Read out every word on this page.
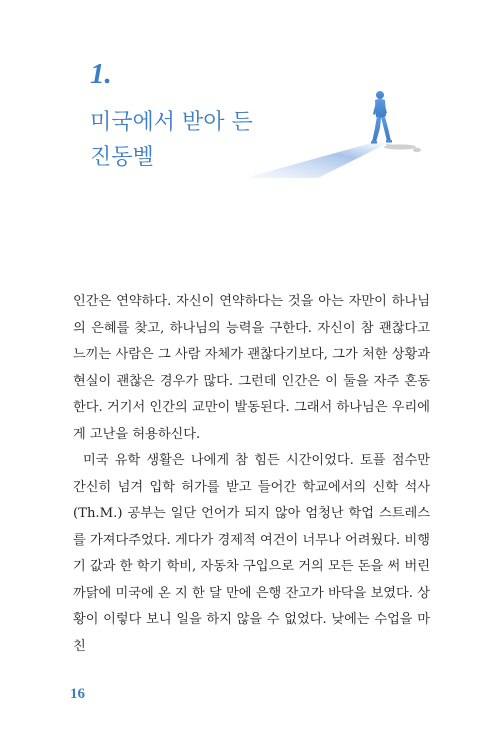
1.
미국에서 받아 든
진동벨

인간은 연약하다. 자신이 연약하다는 것을 아는 자만이 하나님의 은혜를 찾고, 하나님의 능력을 구한다. 자신이 참 괜찮다고 느끼는 사람은 그 사람 자체가 괜찮다기보다, 그가 처한 상황과 현실이 괜찮은 경우가 많다. 그런데 인간은 이 둘을 자주 혼동한다. 거기서 인간의 교만이 발동된다. 그래서 하나님은 우리에게 고난을 허용하신다.

미국 유학 생활은 나에게 참 힘든 시간이었다. 토플 점수만 간신히 넘겨 입학 허가를 받고 들어간 학교에서의 신학 석사 (Th.M.) 공부는 일단 언어가 되지 않아 엄청난 학업 스트레스를 가져다주었다. 게다가 경제적 여건이 너무나 어려웠다. 비행기 값과 한 학기 학비, 자동차 구입으로 거의 모든 돈을 써 버린 까닭에 미국에 온 지 한 달 만에 은행 잔고가 바닥을 보였다. 상황이 이렇다 보니 일을 하지 않을 수 없었다. 낮에는 수업을 마친

16
